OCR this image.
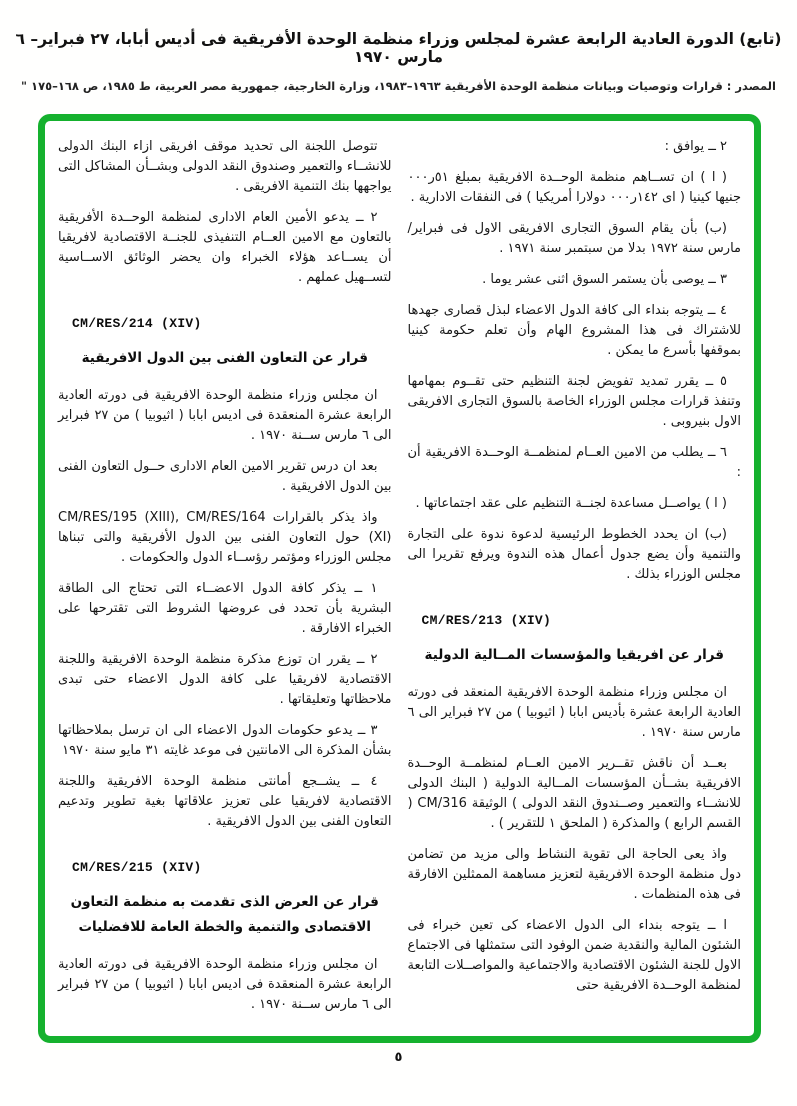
(تابع) الدورة العادية الرابعة عشرة لمجلس وزراء منظمة الوحدة الأفريقية فى أديس أبابا، ٢٧ فبراير– ٦ مارس ١٩٧٠
المصدر : قرارات وتوصيات وبيانات منظمة الوحدة الأفريقية ١٩٦٣–١٩٨٣، وزارة الخارجية، جمهورية مصر العربية، ط ١٩٨٥، ص ١٦٨–١٧٥ "
٢ ــ يوافق :
( ا ) ان تســاهم منظمة الوحــدة الافريقية بمبلغ ٥١ر٠٠٠ جنيها كينيا ( اى ١٤٢ر٠٠٠ دولارا أمريكيا ) فى النفقات الادارية .
(ب) بأن يقام السوق التجارى الافريقى الاول فى فبراير/مارس سنة ١٩٧٢ بدلا من سبتمبر سنة ١٩٧١ .
٣ ــ يوصى بأن يستمر السوق اثنى عشر يوما .
٤ ــ يتوجه بنداء الى كافة الدول الاعضاء لبذل قصارى جهدها للاشتراك فى هذا المشروع الهام وأن تعلم حكومة كينيا بموقفها بأسرع ما يمكن .
٥ ــ يقرر تمديد تفويض لجنة التنظيم حتى تقــوم بمهامها وتنفذ قرارات مجلس الوزراء الخاصة بالسوق التجارى الافريقى الاول بنيروبى .
٦ ــ يطلب من الامين العــام لمنظمــة الوحــدة الافريقية أن :
( ا ) يواصــل مساعدة لجنــة التنظيم على عقد اجتماعاتها .
(ب) ان يحدد الخطوط الرئيسية لدعوة ندوة على التجارة والتنمية وأن يضع جدول أعمال هذه الندوة ويرفع تقريرا الى مجلس الوزراء بذلك .
CM/RES/213 (XIV)
قرار عن افريقيا والمؤسسات المــالية الدولية
ان مجلس وزراء منظمة الوحدة الافريقية المنعقد فى دورته العادية الرابعة عشرة بأديس ابابا ( اثيوبيا ) من ٢٧ فبراير الى ٦ مارس سنة ١٩٧٠ .
بعــد أن ناقش تقــرير الامين العــام لمنظمــة الوحــدة الافريقية بشــأن المؤسسات المــالية الدولية ( البنك الدولى للانشــاء والتعمير وصــندوق النقد الدولى ) الوثيقة CM/316 ( القسم الرابع ) والمذكرة ( الملحق ١ للتقرير ) .
واذ يعى الحاجة الى تقوية النشاط والى مزيد من تضامن دول منظمة الوحدة الافريقية لتعزيز مساهمة الممثلين الافارقة فى هذه المنظمات .
ا ــ يتوجه بنداء الى الدول الاعضاء كى تعين خبراء فى الشئون المالية والنقدية ضمن الوفود التى ستمثلها فى الاجتماع الاول للجنة الشئون الاقتصادية والاجتماعية والمواصــلات التابعة لمنظمة الوحــدة الافريقية حتى
تتوصل اللجنة الى تحديد موقف افريقى ازاء البنك الدولى للانشــاء والتعمير وصندوق النقد الدولى وبشــأن المشاكل التى يواجهها بنك التنمية الافريقى .
٢ ــ يدعو الأمين العام الادارى لمنظمة الوحــدة الأفريقية بالتعاون مع الامين العــام التنفيذى للجنــة الاقتصادية لافريقيا أن يســاعد هؤلاء الخبراء وان يحضر الوثائق الاســاسية لتســهيل عملهم .
CM/RES/214 (XIV)
قرار عن التعاون الفنى بين الدول الافريقية
ان مجلس وزراء منظمة الوحدة الافريقية فى دورته العادية الرابعة عشرة المنعقدة فى اديس ابابا ( اثيوبيا ) من ٢٧ فبراير الى ٦ مارس ســنة ١٩٧٠ .
بعد ان درس تقرير الامين العام الادارى حــول التعاون الفنى بين الدول الافريقية .
واذ يذكر بالقرارات CM/RES/195 (XIII), CM/RES/164 (XI) حول التعاون الفنى بين الدول الأفريقية والتى تبناها مجلس الوزراء ومؤتمر رؤســاء الدول والحكومات .
١ ــ يذكر كافة الدول الاعضــاء التى تحتاج الى الطاقة البشرية بأن تحدد فى عروضها الشروط التى تقترحها على الخبراء الافارقة .
٢ ــ يقرر ان توزع مذكرة منظمة الوحدة الافريقية واللجنة الاقتصادية لافريقيا على كافة الدول الاعضاء حتى تبدى ملاحظاتها وتعليقاتها .
٣ ــ يدعو حكومات الدول الاعضاء الى ان ترسل بملاحظاتها بشأن المذكرة الى الامانتين فى موعد غايته ٣١ مايو سنة ١٩٧٠
٤ ــ يشــجع أمانتى منظمة الوحدة الافريقية واللجنة الاقتصادية لافريقيا على تعزيز علاقاتها بغية تطوير وتدعيم التعاون الفنى بين الدول الافريقية .
CM/RES/215 (XIV)
قرار عن العرض الذى تقدمت به منظمة التعاون الاقتصادى والتنمية والخطة العامة للافضليات
ان مجلس وزراء منظمة الوحدة الافريقية فى دورته العادية الرابعة عشرة المنعقدة فى اديس ابابا ( اثيوبيا ) من ٢٧ فبراير الى ٦ مارس ســنة ١٩٧٠ .
٥
